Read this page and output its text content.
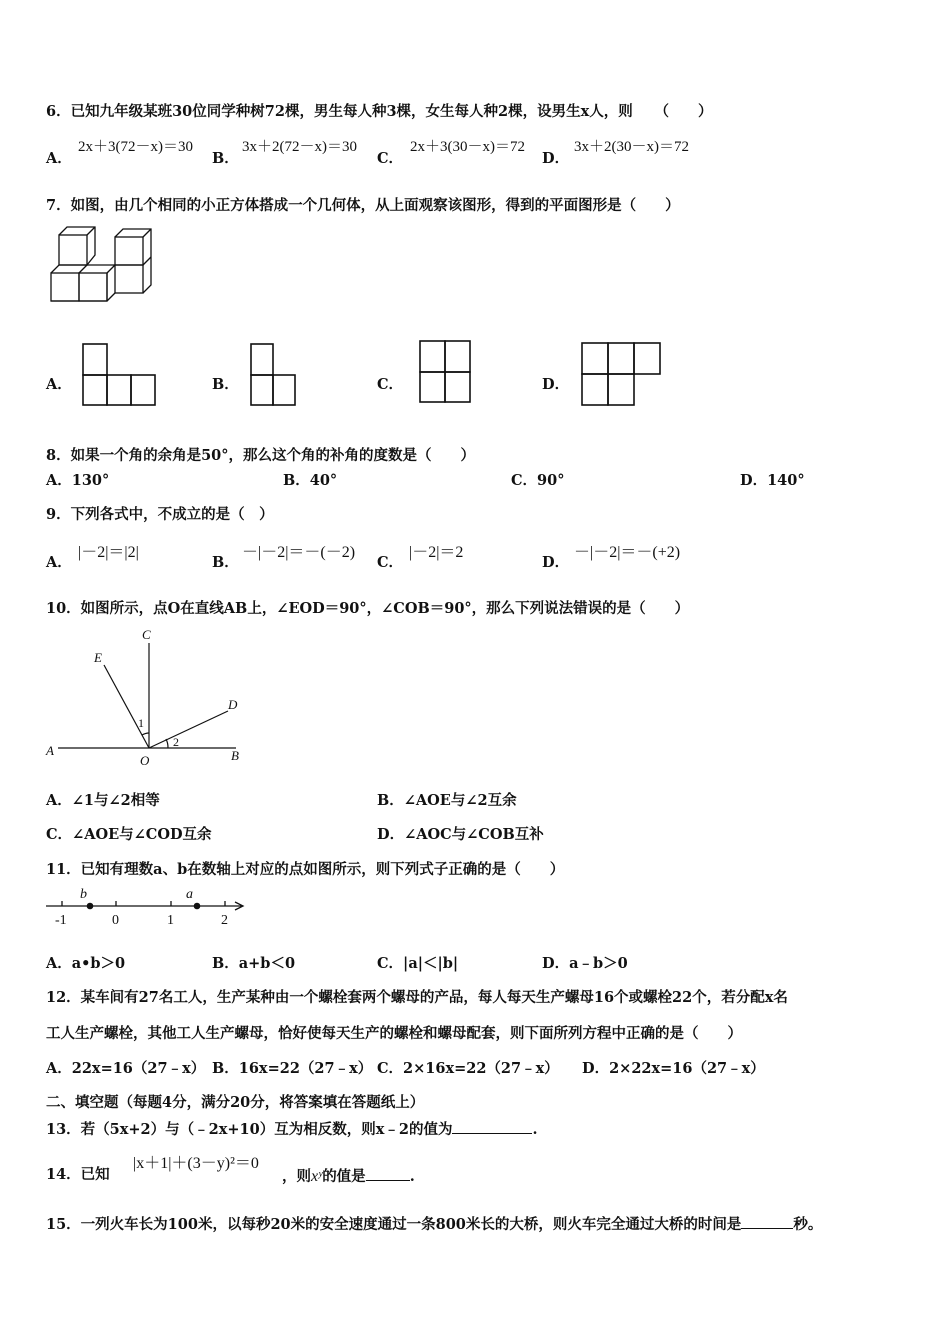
6．已知九年级某班30位同学种树72棵，男生每人种3棵，女生每人种2棵，设男生x人，则　　（　　）
A．
2x＋3(72－x)＝30
B．
3x＋2(72－x)＝30
C．
2x＋3(30－x)＝72
D．
3x＋2(30－x)＝72
7．如图，由几个相同的小正方体搭成一个几何体，从上面观察该图形，得到的平面图形是（　　）
A．	B．	C．	D．
8．如果一个角的余角是50°，那么这个角的补角的度数是（　　）
A．130°	B．40°	C．90°	D．140°
9．下列各式中，不成立的是（　）
A．
|－2|＝|2|
B．
－|－2|＝－(－2)
C．
|－2|＝2
D．
－|－2|＝－(+2)
10．如图所示，点O在直线AB上，∠EOD＝90°，∠COB＝90°，那么下列说法错误的是（　　）
C
E
D
1
2
A
O	B
A．∠1与∠2相等	B．∠AOE与∠2互余
C．∠AOE与∠COD互余	D．∠AOC与∠COB互补
11．已知有理数a、b在数轴上对应的点如图所示，则下列式子正确的是（　　）
-1	0	1	2
b	a
A．a•b＞0	B．a+b＜0	C．|a|＜|b|	D．a﹣b＞0
12．某车间有27名工人，生产某种由一个螺栓套两个螺母的产品，每人每天生产螺母16个或螺栓22个，若分配x名
工人生产螺栓，其他工人生产螺母，恰好使每天生产的螺栓和螺母配套，则下面所列方程中正确的是（　　）
A．22x=16（27﹣x） B．16x=22（27﹣x） C．2×16x=22（27﹣x） D．2×22x=16（27﹣x）
二、填空题（每题4分，满分20分，将答案填在答题纸上）
13．若（5x+2）与（﹣2x+10）互为相反数，则x﹣2的值为	.
14．已知
|x＋1|＋(3－y)²＝0
，则xʸ的值是	.
15．一列火车长为100米，以每秒20米的安全速度通过一条800米长的大桥，则火车完全通过大桥的时间是	秒。
